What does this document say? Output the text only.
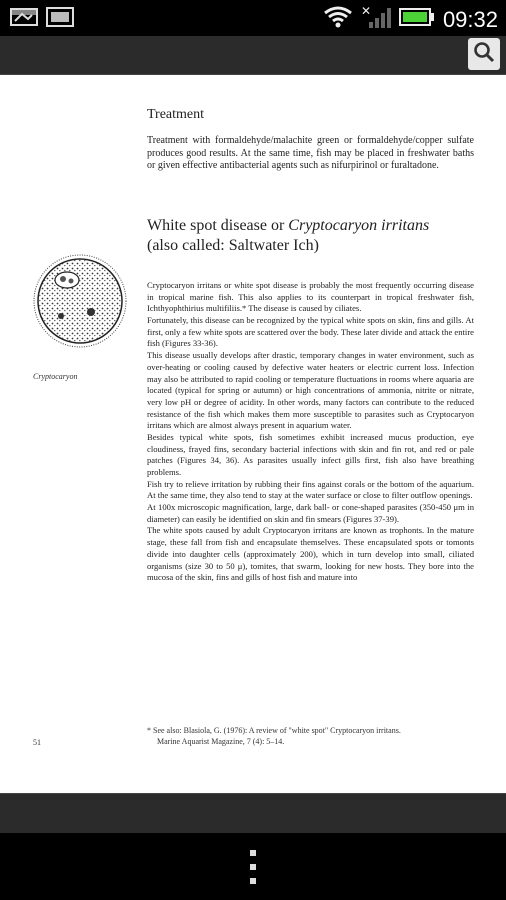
✕	09:32
Cryptocaryon
Treatment
Treatment with formaldehyde/malachite green or formaldehyde/copper sulfate produces good results. At the same time, fish may be placed in freshwater baths or given effective antibacterial agents such as nifurpirinol or furaltadone.
White spot disease or Cryptocaryon irritans
(also called: Saltwater Ich)

Cryptocaryon irritans or white spot disease is probably the most frequently occurring disease in tropical marine fish. This also applies to its counterpart in tropical freshwater fish, Ichthyophthirius multifiliis.* The disease is caused by ciliates.

Fortunately, this disease can be recognized by the typical white spots on skin, fins and gills. At first, only a few white spots are scattered over the body. These later divide and attack the entire fish (Figures 33-36).

This disease usually develops after drastic, temporary changes in water environment, such as over-heating or cooling caused by defective water heaters or electric current loss. Infection may also be attributed to rapid cooling or temperature fluctuations in rooms where aquaria are located (typical for spring or autumn) or high concentrations of ammonia, nitrite or nitrate, very low pH or degree of acidity. In other words, many factors can contribute to the reduced resistance of the fish which makes them more susceptible to parasites such as Cryptocaryon irritans which are almost always present in aquarium water.

Besides typical white spots, fish sometimes exhibit increased mucus production, eye cloudiness, frayed fins, secondary bacterial infections with skin and fin rot, and red or pale patches (Figures 34, 36). As parasites usually infect gills first, fish also have breathing problems.

Fish try to relieve irritation by rubbing their fins against corals or the bottom of the aquarium. At the same time, they also tend to stay at the water surface or close to filter outflow openings.

At 100x microscopic magnification, large, dark ball- or cone-shaped parasites (350-450 μm in diameter) can easily be identified on skin and fin smears (Figures 37-39).

The white spots caused by adult Cryptocaryon irritans are known as trophonts. In the mature stage, these fall from fish and encapsulate themselves. These encapsulated spots or tomonts divide into daughter cells (approximately 200), which in turn develop into small, ciliated organisms (size 30 to 50 μ), tomites, that swarm, looking for new hosts. They bore into the mucosa of the skin, fins and gills of host fish and mature into

* See also: Blasiola, G. (1976): A review of "white spot" Cryptocaryon irritans.
Marine Aquarist Magazine, 7 (4): 5–14.
51
